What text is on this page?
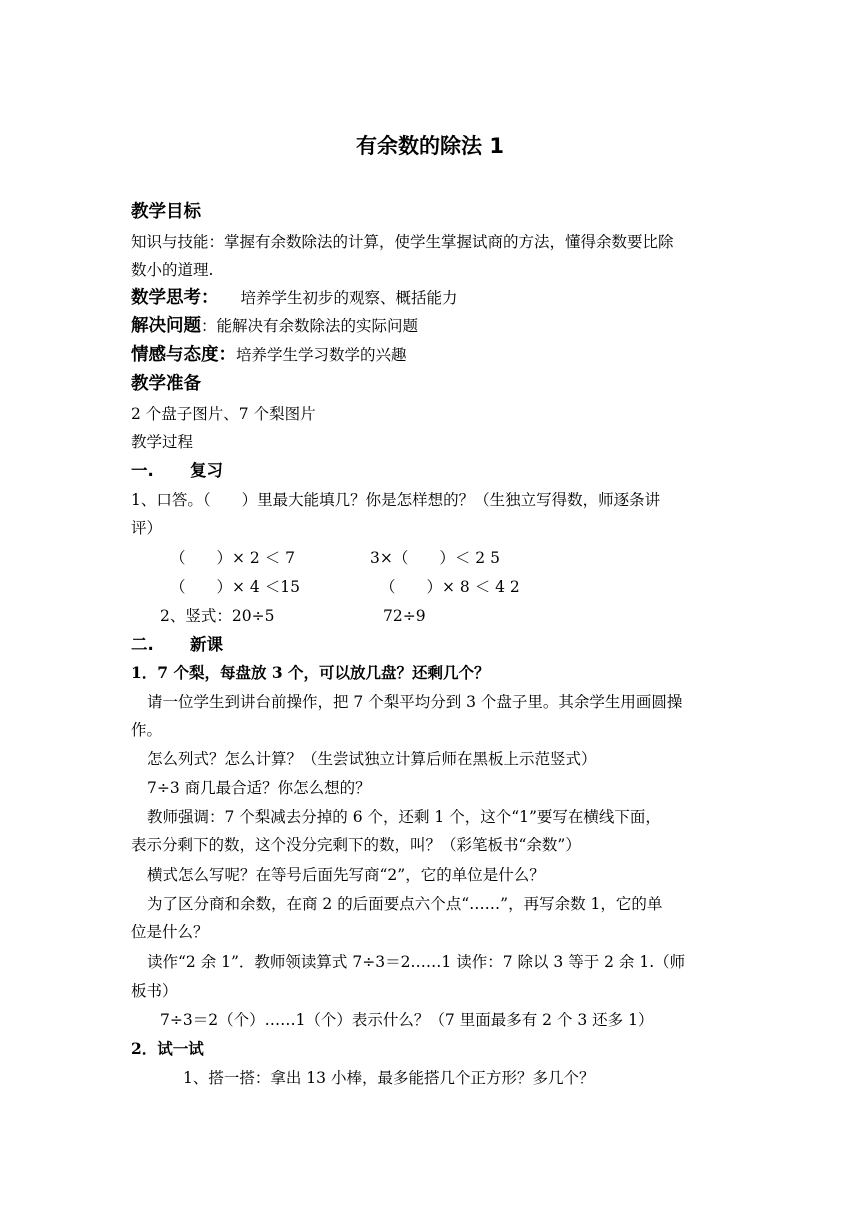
有余数的除法 1
教学目标
知识与技能：掌握有余数除法的计算，使学生掌握试商的方法，懂得余数要比除
数小的道理.
数学思考： 培养学生初步的观察、概括能力
解决问题：能解决有余数除法的实际问题
情感与态度：培养学生学习数学的兴趣
教学准备
2 个盘子图片、7 个梨图片
教学过程
一. 复习
1、口答。（　　）里最大能填几？你是怎样想的？（生独立写得数，师逐条讲
评）
（　　）× 2 ＜ 7	3×（　　）＜ 2 5
（　　）× 4 ＜15	（　　）× 8 ＜ 4 2
2、竖式：20÷5	72÷9
二. 新课
1．7 个梨，每盘放 3 个，可以放几盘？还剩几个？
请一位学生到讲台前操作，把 7 个梨平均分到 3 个盘子里。其余学生用画圆操
作。
怎么列式？怎么计算？（生尝试独立计算后师在黑板上示范竖式）
7÷3 商几最合适？你怎么想的？
教师强调：7 个梨减去分掉的 6 个，还剩 1 个，这个“1”要写在横线下面，
表示分剩下的数，这个没分完剩下的数，叫？（彩笔板书“余数”）
横式怎么写呢？在等号后面先写商“2”，它的单位是什么？
为了区分商和余数，在商 2 的后面要点六个点“……”，再写余数 1，它的单
位是什么？
读作“2 余 1”．教师领读算式 7÷3＝2……1 读作：7 除以 3 等于 2 余 1.（师
板书）
7÷3＝2（个）……1（个）表示什么？（7 里面最多有 2 个 3 还多 1）
2．试一试
1、搭一搭：拿出 13 小棒，最多能搭几个正方形？多几个？
